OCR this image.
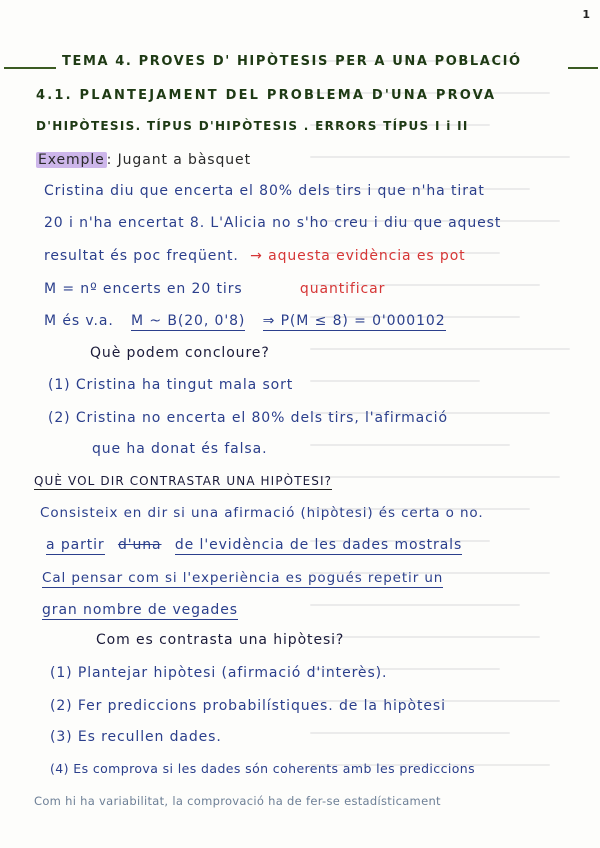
1
TEMA 4. PROVES D' HIPÒTESIS PER A UNA POBLACIÓ
4.1. PLANTEJAMENT DEL PROBLEMA D'UNA PROVA
D'HIPÒTESIS. TÍPUS D'HIPÒTESIS . ERRORS TÍPUS I i II
Exemple : Jugant a bàsquet
Cristina diu que encerta el 80% dels tirs i que n'ha tirat
20 i n'ha encertat 8. L'Alicia no s'ho creu i diu que aquest
resultat és poc freqüent. → aquesta evidència es pot
M = nº encerts en 20 tirs	quantificar
M és v.a. M ~ B(20, 0'8) ⇒ P(M ≤ 8) = 0'000102
Què podem concloure?
(1) Cristina ha tingut mala sort
(2) Cristina no encerta el 80% dels tirs, l'afirmació
que ha donat és falsa.
QUÈ VOL DIR CONTRASTAR UNA HIPÒTESI?
Consisteix en dir si una afirmació (hipòtesi) és certa o no.
a partir d'una de l'evidència de les dades mostrals
Cal pensar com si l'experiència es pogués repetir un
gran nombre de vegades
Com es contrasta una hipòtesi?
(1) Plantejar hipòtesi (afirmació d'interès).
(2) Fer prediccions probabilístiques. de la hipòtesi
(3) Es recullen dades.
(4) Es comprova si les dades són coherents amb les prediccions
Com hi ha variabilitat, la comprovació ha de fer-se estadísticament
